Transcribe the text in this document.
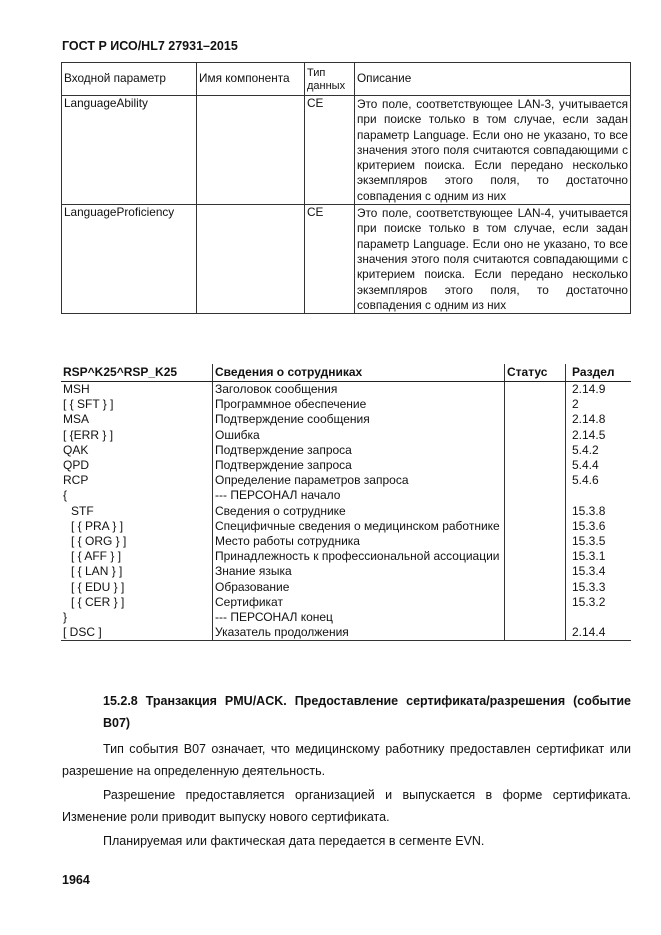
ГОСТ Р ИСО/HL7 27931–2015
Входной параметр	Имя компонента	Тип данных	Описание
LanguageAbility		CE	Это поле, соответствующее LAN-3, учитывается при поиске только в том случае, если задан параметр Language. Если оно не указано, то все значения этого поля считаются совпадающими с критерием поиска. Если передано несколько экземпляров этого поля, то достаточно совпадения с одним из них
LanguageProficiency		CE	Это поле, соответствующее LAN-4, учитывается при поиске только в том случае, если задан параметр Language. Если оно не указано, то все значения этого поля считаются совпадающими с критерием поиска. Если передано несколько экземпляров этого поля, то достаточно совпадения с одним из них
RSP^K25^RSP_K25	Сведения о сотрудниках	Статус	Раздел
MSH	Заголовок сообщения		2.14.9
[ { SFT } ]	Программное обеспечение		2
MSA	Подтверждение сообщения		2.14.8
[ {ERR } ]	Ошибка		2.14.5
QAK	Подтверждение запроса		5.4.2
QPD	Подтверждение запроса		5.4.4
RCP	Определение параметров запроса		5.4.6
{	--- ПЕРСОНАЛ начало		
STF	Сведения о сотруднике		15.3.8
[ { PRA } ]	Специфичные сведения о медицинском работнике		15.3.6
[ { ORG } ]	Место работы сотрудника		15.3.5
[ { AFF } ]	Принадлежность к профессиональной ассоциации		15.3.1
[ { LAN } ]	Знание языка		15.3.4
[ { EDU } ]	Образование		15.3.3
[ { CER } ]	Сертификат		15.3.2
}	--- ПЕРСОНАЛ конец		
[ DSC ]	Указатель продолжения		2.14.4
15.2.8 Транзакция PMU/ACK. Предоставление сертификата/разрешения (событие В07)
Тип события В07 означает, что медицинскому работнику предоставлен сертификат или разрешение на определенную деятельность.
Разрешение предоставляется организацией и выпускается в форме сертификата. Изменение роли приводит выпуску нового сертификата.
Планируемая или фактическая дата передается в сегменте EVN.
1964
